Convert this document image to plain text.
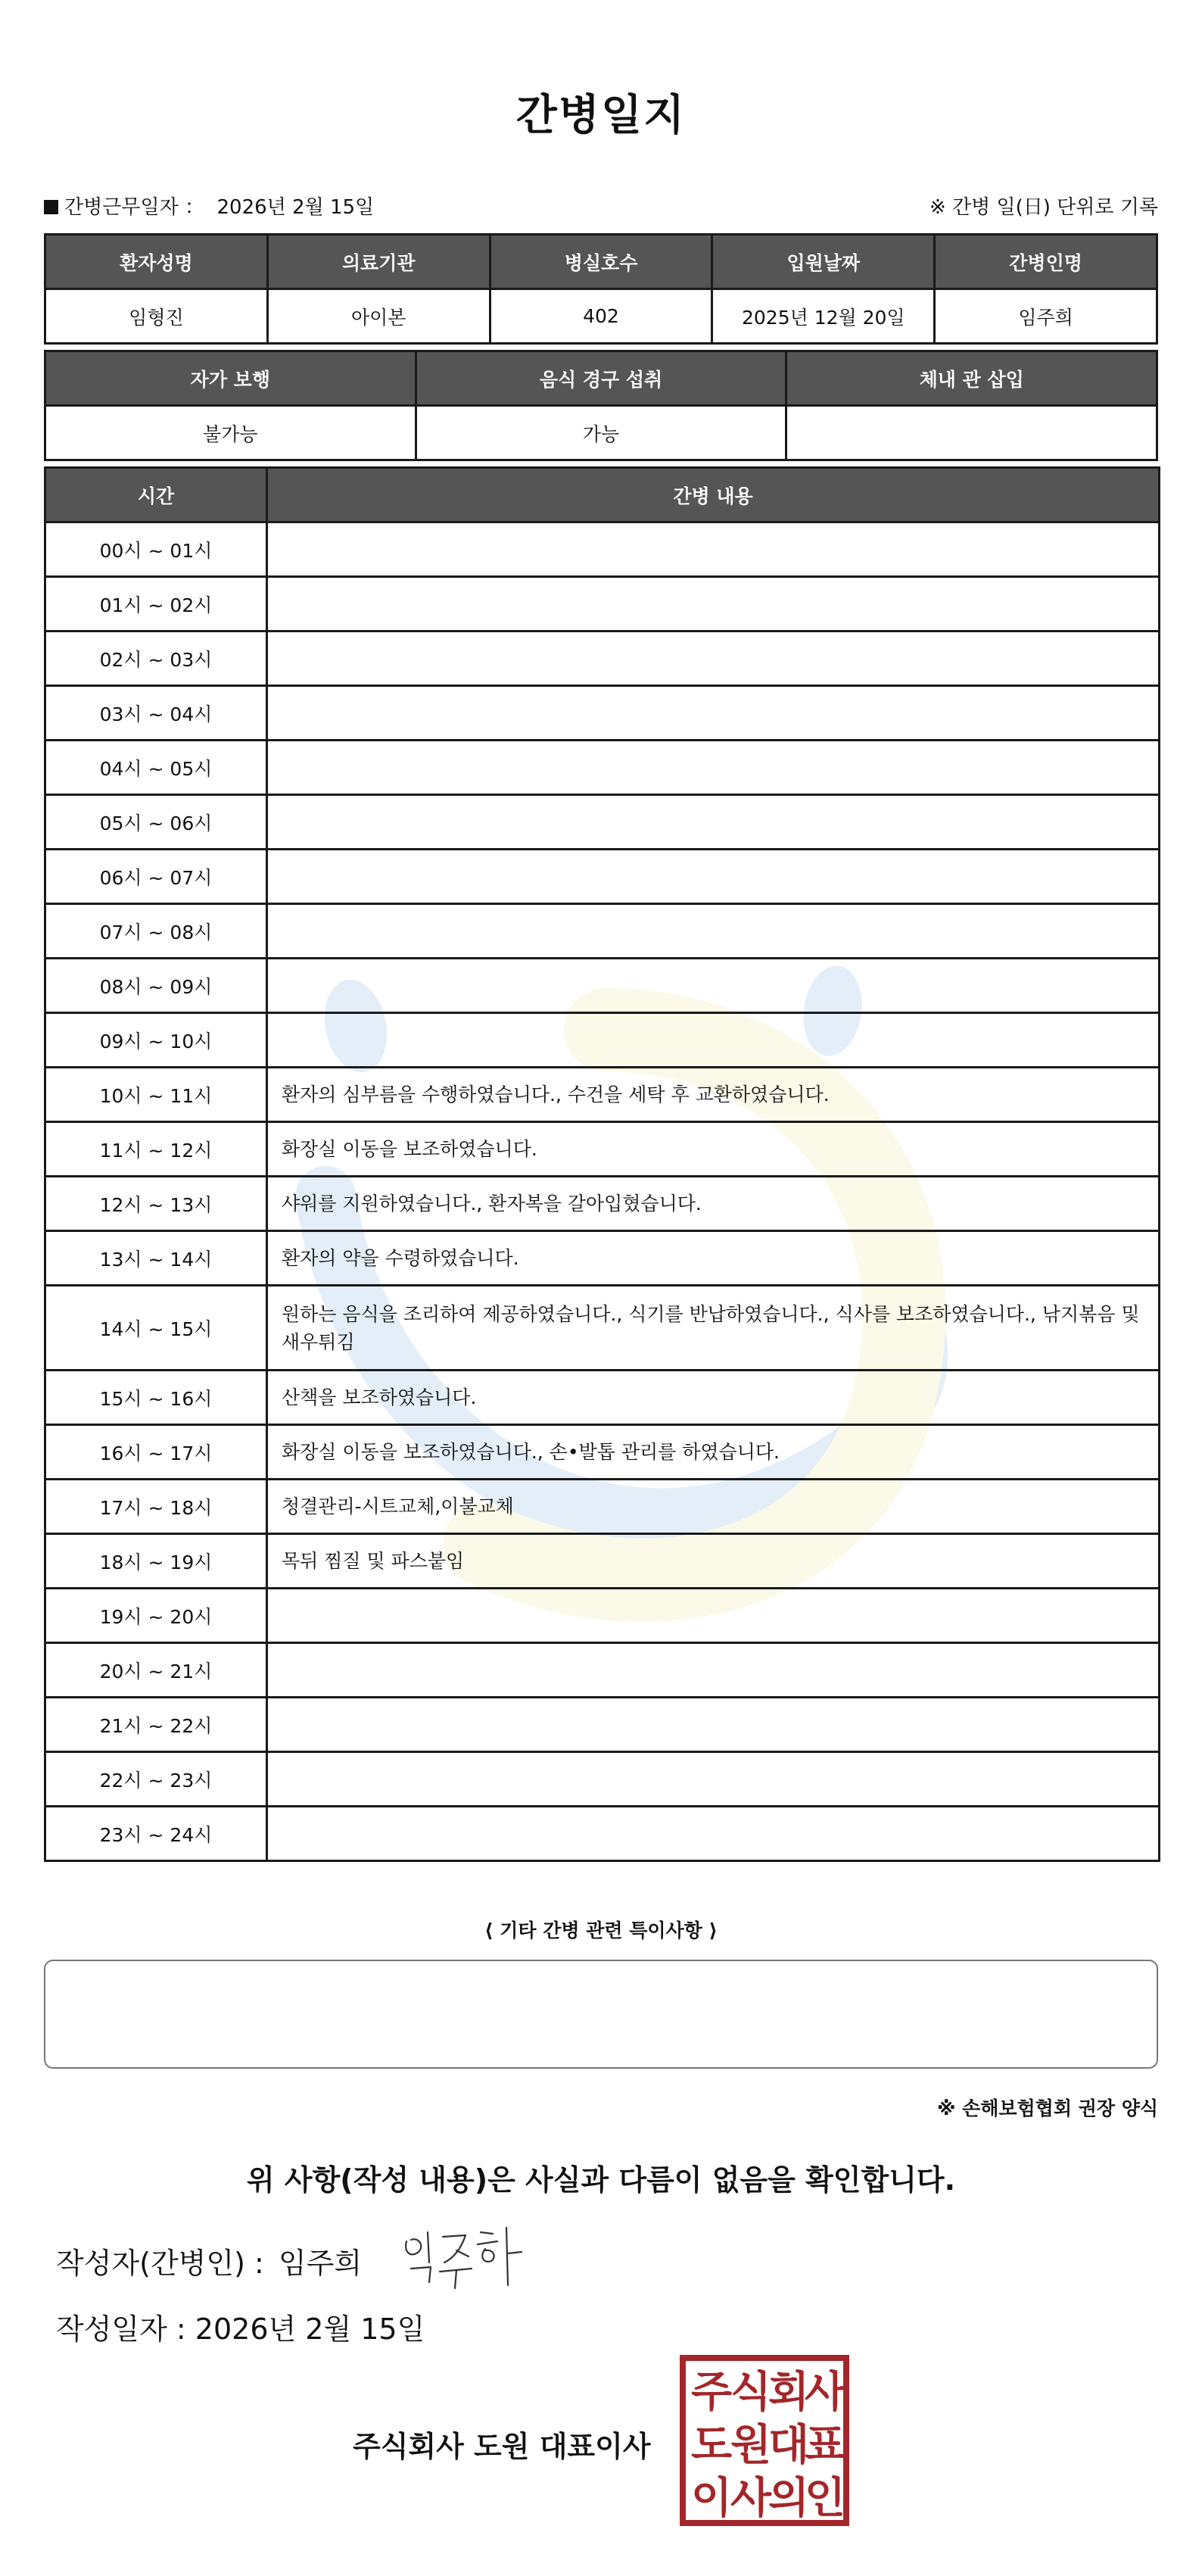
간병일지
간병근무일자 ： 2026년 2월 15일	※ 간병 일(日) 단위로 기록
환자성명	의료기관	병실호수	입원날짜	간병인명
임형진	아이본	402	2025년 12월 20일	임주희
자가 보행	음식 경구 섭취	체내 관 삽입
불가능	가능	
시간	간병 내용
00시 ~ 01시	
01시 ~ 02시	
02시 ~ 03시	
03시 ~ 04시	
04시 ~ 05시	
05시 ~ 06시	
06시 ~ 07시	
07시 ~ 08시	
08시 ~ 09시	
09시 ~ 10시	
10시 ~ 11시	환자의 심부름을 수행하였습니다., 수건을 세탁 후 교환하였습니다.
11시 ~ 12시	화장실 이동을 보조하였습니다.
12시 ~ 13시	샤워를 지원하였습니다., 환자복을 갈아입혔습니다.
13시 ~ 14시	환자의 약을 수령하였습니다.
14시 ~ 15시	원하는 음식을 조리하여 제공하였습니다., 식기를 반납하였습니다., 식사를 보조하였습니다., 낚지볶음 및 새우튀김
15시 ~ 16시	산책을 보조하였습니다.
16시 ~ 17시	화장실 이동을 보조하였습니다., 손•발톱 관리를 하였습니다.
17시 ~ 18시	청결관리-시트교체,이불교체
18시 ~ 19시	목뒤 찜질 및 파스붙임
19시 ~ 20시	
20시 ~ 21시	
21시 ~ 22시	
22시 ~ 23시	
23시 ~ 24시	
⟨ 기타 간병 관련 특이사항 ⟩
※ 손해보험협회 권장 양식
위 사항(작성 내용)은 사실과 다름이 없음을 확인합니다.
작성자(간병인) : 임주희
작성일자 : 2026년 2월 15일
주식회사 도원 대표이사
주
식
회
사
도
원
대
표
이
사
의
인
